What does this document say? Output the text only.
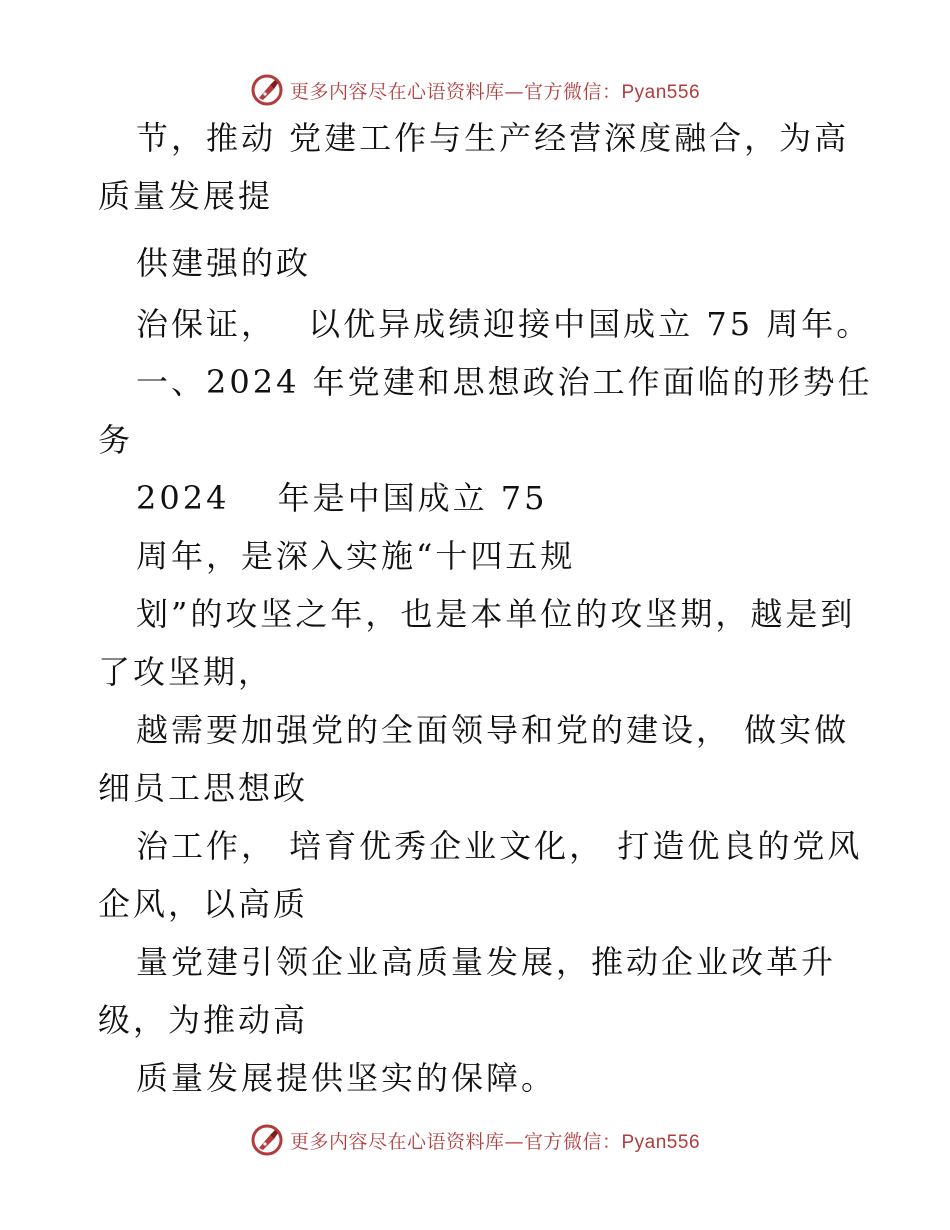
更多内容尽在心语资料库—官方微信：Pyan556
节，推动 党建工作与生产经营深度融合，为高
质量发展提
供建强的政
治保证，　 以优异成绩迎接中国成立 75 周年。
一、2024 年党建和思想政治工作面临的形势任
务
2024　 年是中国成立 75
周年，是深入实施“十四五规
划”的攻坚之年，也是本单位的攻坚期，越是到
了攻坚期，
越需要加强党的全面领导和党的建设， 做实做
细员工思想政
治工作， 培育优秀企业文化， 打造优良的党风
企风，以高质
量党建引领企业高质量发展，推动企业改革升
级，为推动高
质量发展提供坚实的保障。
更多内容尽在心语资料库—官方微信：Pyan556
